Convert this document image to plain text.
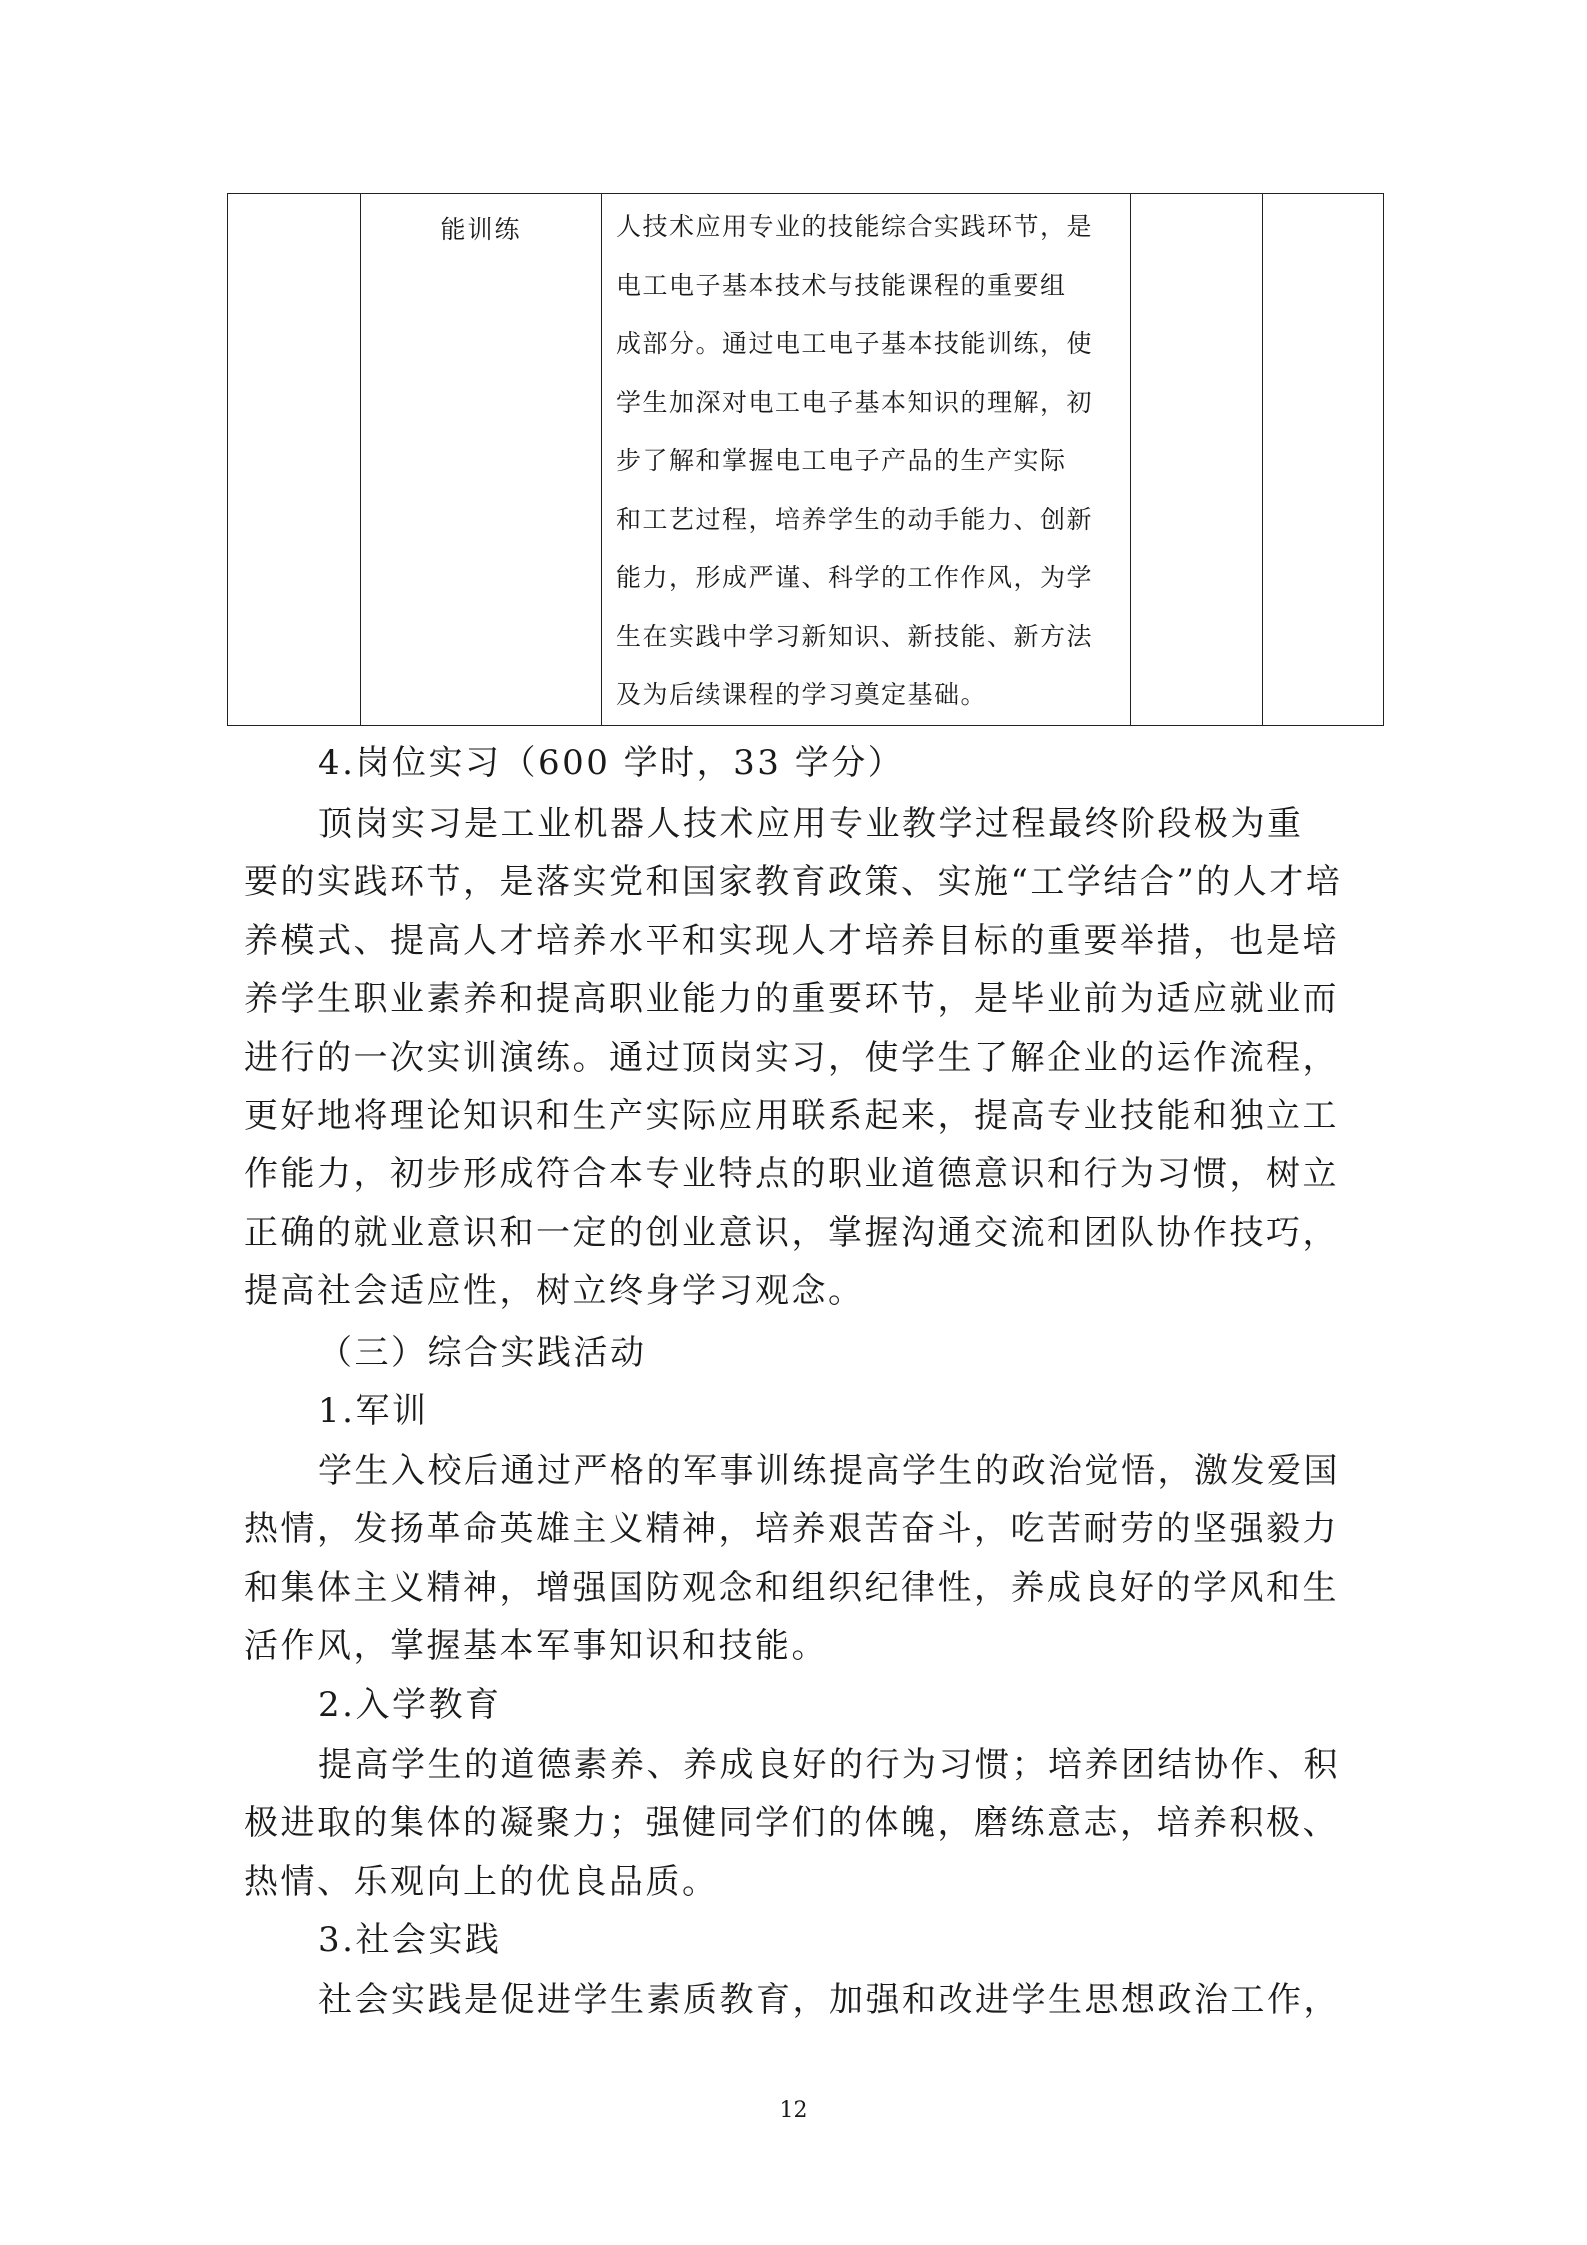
	能训练	人技术应用专业的技能综合实践环节，是
电工电子基本技术与技能课程的重要组
成部分。通过电工电子基本技能训练，使
学生加深对电工电子基本知识的理解，初
步了解和掌握电工电子产品的生产实际
和工艺过程，培养学生的动手能力、创新
能力，形成严谨、科学的工作作风，为学
生在实践中学习新知识、新技能、新方法
及为后续课程的学习奠定基础。

4.岗位实习（600 学时，33 学分）
顶岗实习是工业机器人技术应用专业教学过程最终阶段极为重
要的实践环节，是落实党和国家教育政策、实施“工学结合”的人才培
养模式、提高人才培养水平和实现人才培养目标的重要举措，也是培
养学生职业素养和提高职业能力的重要环节，是毕业前为适应就业而
进行的一次实训演练。通过顶岗实习，使学生了解企业的运作流程，
更好地将理论知识和生产实际应用联系起来，提高专业技能和独立工
作能力，初步形成符合本专业特点的职业道德意识和行为习惯，树立
正确的就业意识和一定的创业意识，掌握沟通交流和团队协作技巧，
提高社会适应性，树立终身学习观念。
（三）综合实践活动
1.军训
学生入校后通过严格的军事训练提高学生的政治觉悟，激发爱国
热情，发扬革命英雄主义精神，培养艰苦奋斗，吃苦耐劳的坚强毅力
和集体主义精神，增强国防观念和组织纪律性，养成良好的学风和生
活作风，掌握基本军事知识和技能。
2.入学教育
提高学生的道德素养、养成良好的行为习惯；培养团结协作、积
极进取的集体的凝聚力；强健同学们的体魄，磨练意志，培养积极、
热情、乐观向上的优良品质。
3.社会实践
社会实践是促进学生素质教育，加强和改进学生思想政治工作，
12
